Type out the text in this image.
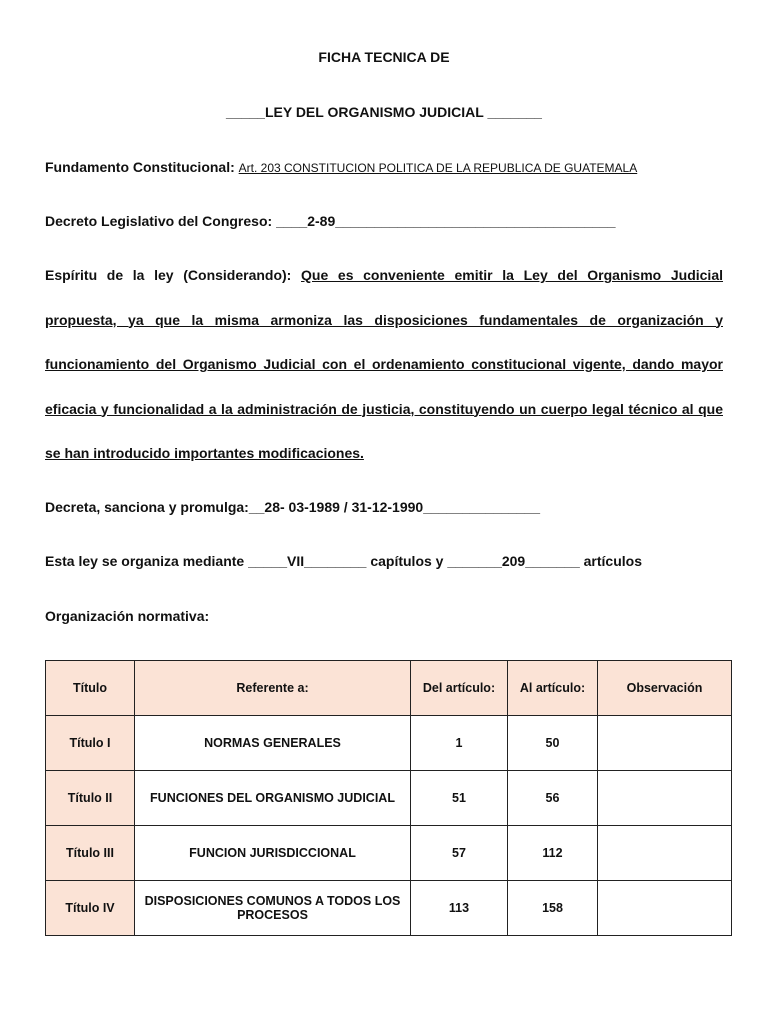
FICHA TECNICA DE
_____LEY DEL ORGANISMO JUDICIAL _______
Fundamento Constitucional: Art. 203 CONSTITUCION POLITICA DE LA REPUBLICA DE GUATEMALA
Decreto Legislativo del Congreso: ____2-89____________________________________
Espíritu de la ley (Considerando): Que es conveniente emitir la Ley del Organismo Judicial propuesta, ya que la misma armoniza las disposiciones fundamentales de organización y funcionamiento del Organismo Judicial con el ordenamiento constitucional vigente, dando mayor eficacia y funcionalidad a la administración de justicia, constituyendo un cuerpo legal técnico al que se han introducido importantes modificaciones.
Decreta, sanciona y promulga:__28- 03-1989 / 31-12-1990_______________
Esta ley se organiza mediante _____VII________ capítulos y _______209_______ artículos
Organización normativa:
Título	Referente a:	Del artículo:	Al artículo:	Observación
Título I	NORMAS GENERALES	1	50	
Título II	FUNCIONES DEL ORGANISMO JUDICIAL	51	56	
Título III	FUNCION JURISDICCIONAL	57	112	
Título IV	DISPOSICIONES COMUNOS A TODOS LOS PROCESOS	113	158	
